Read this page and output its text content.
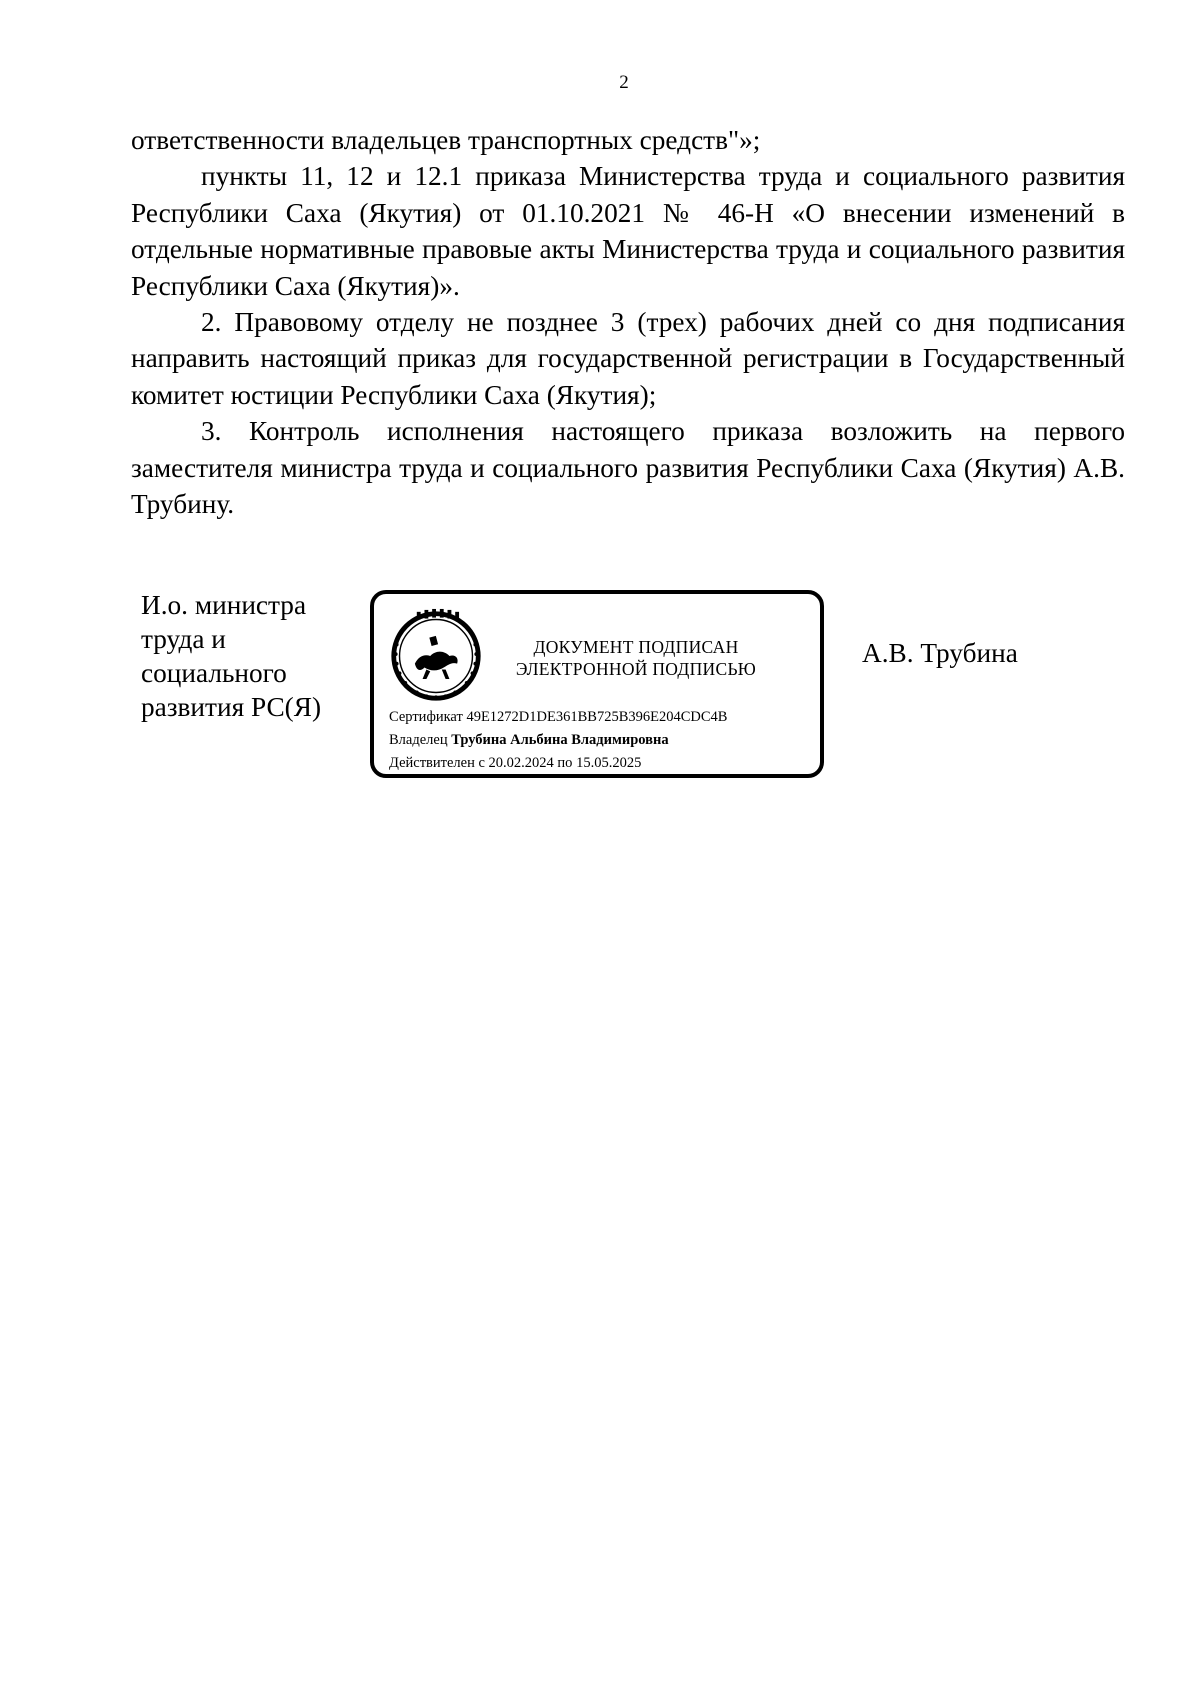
2

ответственности владельцев транспортных средств"»;

пункты 11, 12 и 12.1 приказа Министерства труда и социального развития Республики Саха (Якутия) от 01.10.2021 № 46-Н «О внесении изменений в отдельные нормативные правовые акты Министерства труда и социального развития Республики Саха (Якутия)».

2. Правовому отделу не позднее 3 (трех) рабочих дней со дня подписания направить настоящий приказ для государственной регистрации в Государственный комитет юстиции Республики Саха (Якутия);

3. Контроль исполнения настоящего приказа возложить на первого заместителя министра труда и социального развития Республики Саха (Якутия) А.В. Трубину.

И.о. министра
труда и
социального
развития РС(Я)
ДОКУМЕНТ ПОДПИСАН
ЭЛЕКТРОННОЙ ПОДПИСЬЮ
Сертификат 49E1272D1DE361BB725B396E204CDC4B
Владелец Трубина Альбина Владимировна
Действителен с 20.02.2024 по 15.05.2025
А.В. Трубина
